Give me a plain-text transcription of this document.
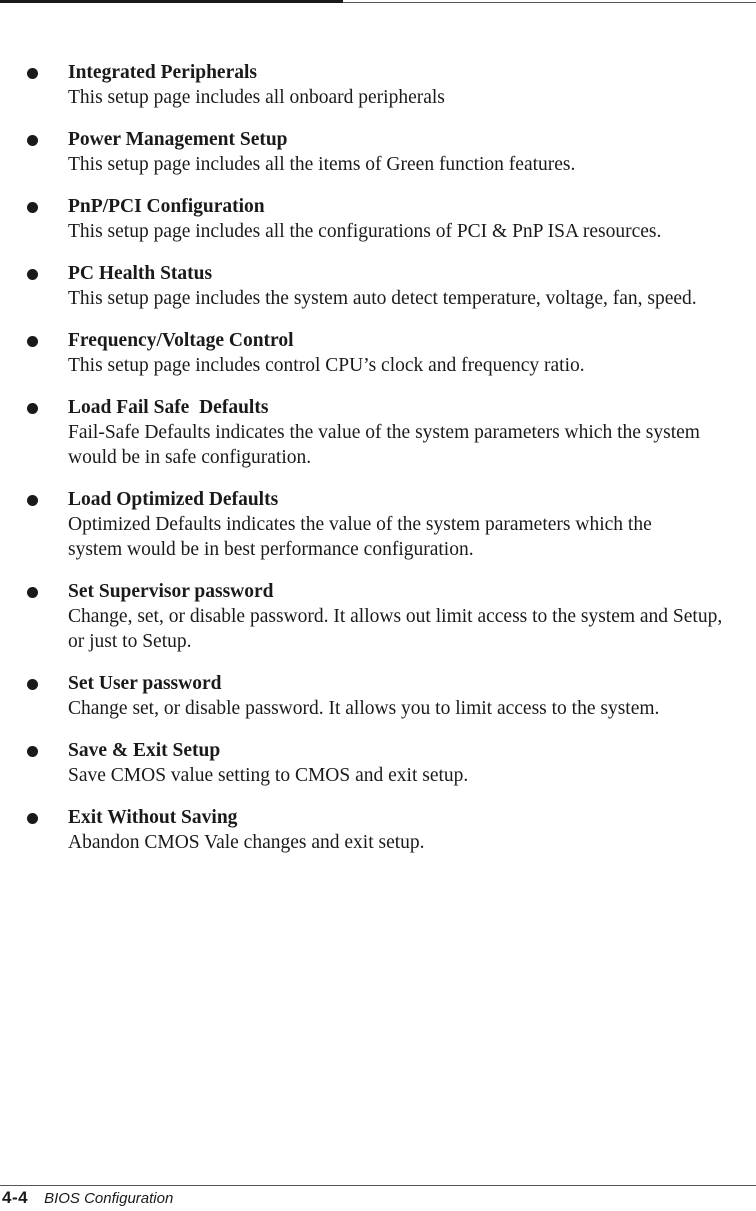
Integrated Peripherals
This setup page includes all onboard peripherals
Power Management Setup
This setup page includes all the items of Green function features.
PnP/PCI Configuration
This setup page includes all the configurations of PCI & PnP ISA resources.
PC Health Status
This setup page includes the system auto detect temperature, voltage, fan, speed.
Frequency/Voltage Control
This setup page includes control CPU’s clock and frequency ratio.
Load Fail Safe  Defaults
Fail-Safe Defaults indicates the value of the system parameters which the system would be in safe configuration.
Load Optimized Defaults
Optimized Defaults indicates the value of the system parameters which the system would be in best performance configuration.
Set Supervisor password
Change, set, or disable password. It allows out limit access to the system and Setup, or just to Setup.
Set User password
Change set, or disable password. It allows you to limit access to the system.
Save & Exit Setup
Save CMOS value setting to CMOS and exit setup.
Exit Without Saving
Abandon CMOS Vale changes and exit setup.
4-4 BIOS Configuration
